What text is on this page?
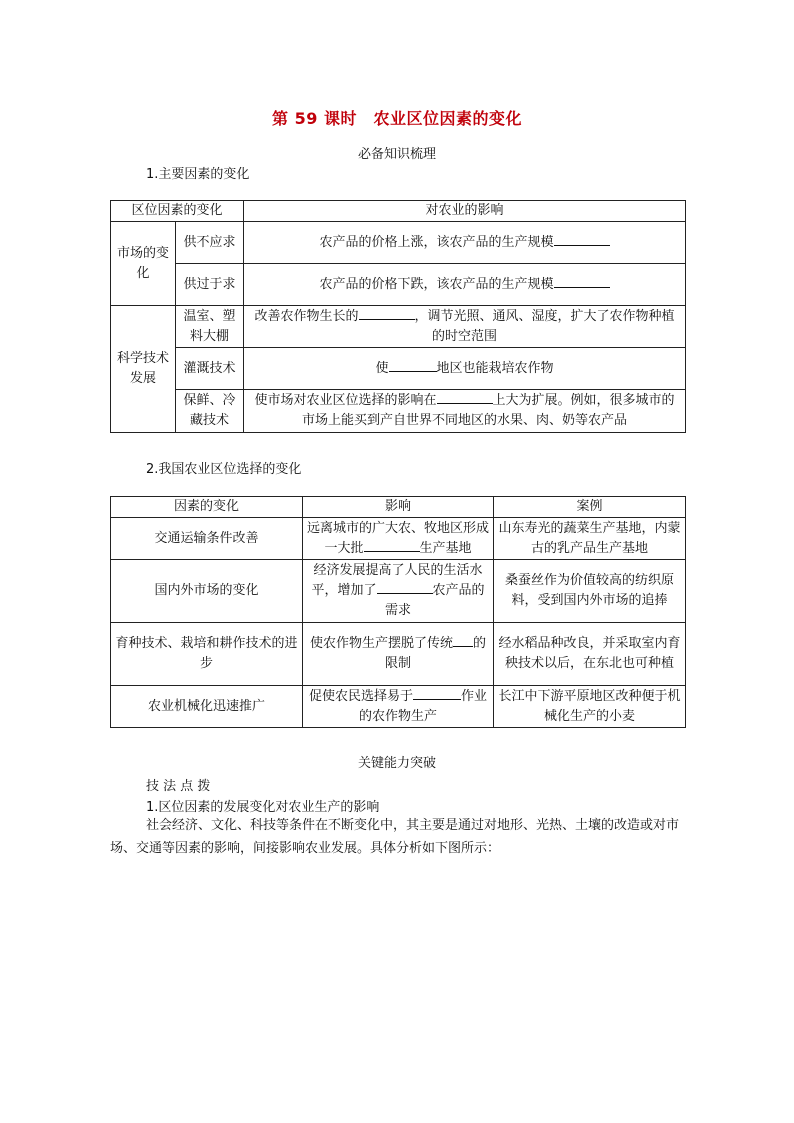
第 59 课时　农业区位因素的变化
必备知识梳理
1.主要因素的变化
区位因素的变化		对农业的影响
市场的变化	供不应求	农产品的价格上涨，该农产品的生产规模
	供过于求	农产品的价格下跌，该农产品的生产规模
科学技术发展	温室、塑料大棚	改善农作物生长的 ，调节光照、通风、湿度，扩大了农作物种植的时空范围
	灌溉技术	使 地区也能栽培农作物
	保鲜、冷藏技术	使市场对农业区位选择的影响在 上大为扩展。例如，很多城市的市场上能买到产自世界不同地区的水果、肉、奶等农产品
2.我国农业区位选择的变化
因素的变化	影响	案例
交通运输条件改善	远离城市的广大农、牧地区形成一大批 生产基地	山东寿光的蔬菜生产基地，内蒙古的乳产品生产基地
国内外市场的变化	经济发展提高了人民的生活水平，增加了 农产品的需求	桑蚕丝作为价值较高的纺织原料，受到国内外市场的追捧
育种技术、栽培和耕作技术的进步	使农作物生产摆脱了传统 的限制	经水稻品种改良，并采取室内育秧技术以后，在东北也可种植
农业机械化迅速推广	促使农民选择易于 作业的农作物生产	长江中下游平原地区改种便于机械化生产的小麦
关键能力突破
技 法 点 拨
1.区位因素的发展变化对农业生产的影响
社会经济、文化、科技等条件在不断变化中，其主要是通过对地形、光热、土壤的改造或对市场、交通等因素的影响，间接影响农业发展。具体分析如下图所示：
